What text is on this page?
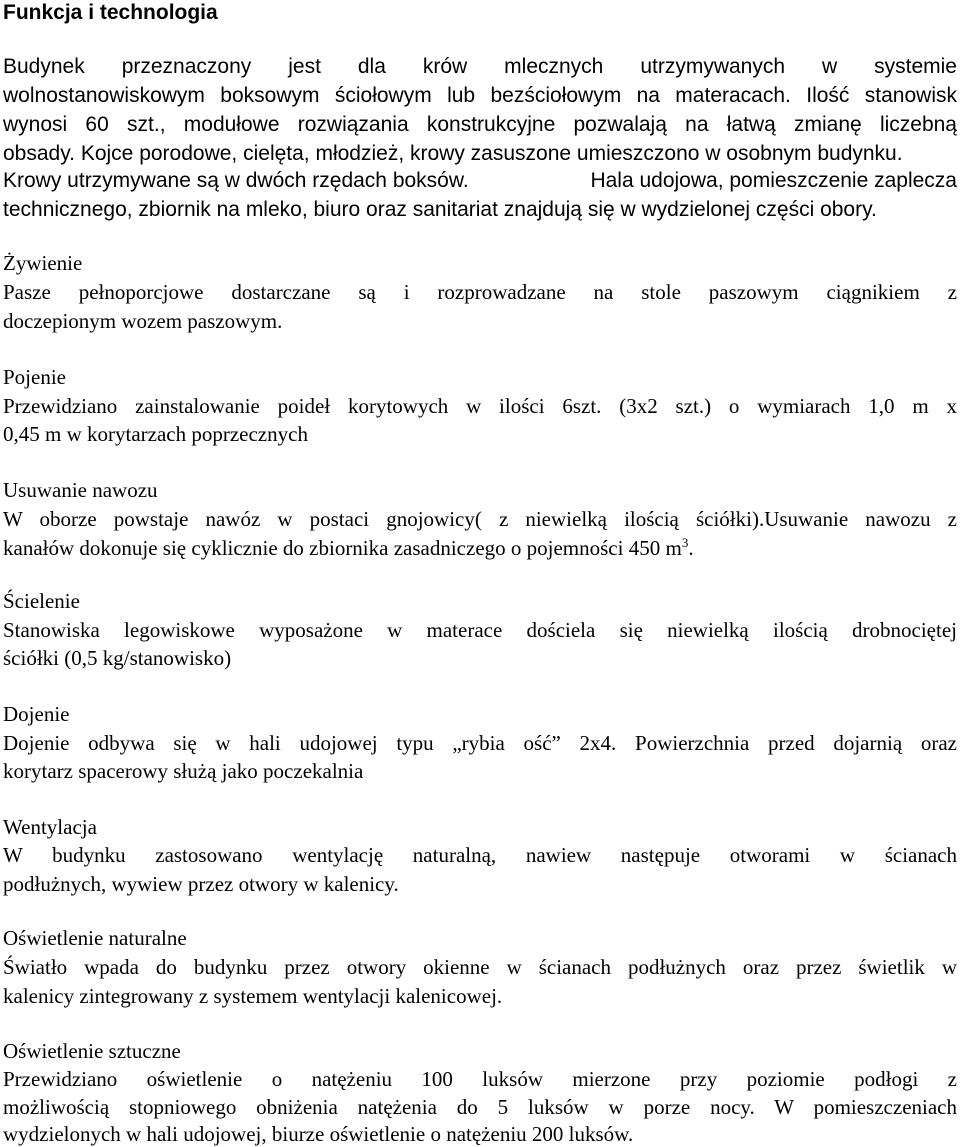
Funkcja i technologia
Budynek przeznaczony jest dla krów mlecznych utrzymywanych w systemie
wolnostanowiskowym boksowym ściołowym lub bezściołowym na materacach. Ilość stanowisk
wynosi 60 szt., modułowe rozwiązania konstrukcyjne pozwalają na łatwą zmianę liczebną
obsady. Kojce porodowe, cielęta, młodzież, krowy zasuszone umieszczono w osobnym budynku.
Krowy utrzymywane są w dwóch rzędach boksów.	Hala udojowa, pomieszczenie zaplecza
technicznego, zbiornik na mleko, biuro oraz sanitariat znajdują się w wydzielonej części obory.
Żywienie
Pasze pełnoporcjowe dostarczane są i rozprowadzane na stole paszowym ciągnikiem z
doczepionym wozem paszowym.
Pojenie
Przewidziano zainstalowanie poideł korytowych w ilości 6szt. (3x2 szt.) o wymiarach 1,0 m x
0,45 m w korytarzach poprzecznych
Usuwanie nawozu
W oborze powstaje nawóz w postaci gnojowicy( z niewielką ilością ściółki).Usuwanie nawozu z
kanałów dokonuje się cyklicznie do zbiornika zasadniczego o pojemności 450 $m^3$.
Ścielenie
Stanowiska legowiskowe wyposażone w materace dościela się niewielką ilością drobnociętej
ściółki (0,5 kg/stanowisko)
Dojenie
Dojenie odbywa się w hali udojowej typu „rybia ość” 2x4. Powierzchnia przed dojarnią oraz
korytarz spacerowy służą jako poczekalnia
Wentylacja
W budynku zastosowano wentylację naturalną, nawiew następuje otworami w ścianach
podłużnych, wywiew przez otwory w kalenicy.
Oświetlenie naturalne
Światło wpada do budynku przez otwory okienne w ścianach podłużnych oraz przez świetlik w
kalenicy zintegrowany z systemem wentylacji kalenicowej.
Oświetlenie sztuczne
Przewidziano oświetlenie o natężeniu 100 luksów mierzone przy poziomie podłogi z
możliwością stopniowego obniżenia natężenia do 5 luksów w porze nocy. W pomieszczeniach
wydzielonych w hali udojowej, biurze oświetlenie o natężeniu 200 luksów.
